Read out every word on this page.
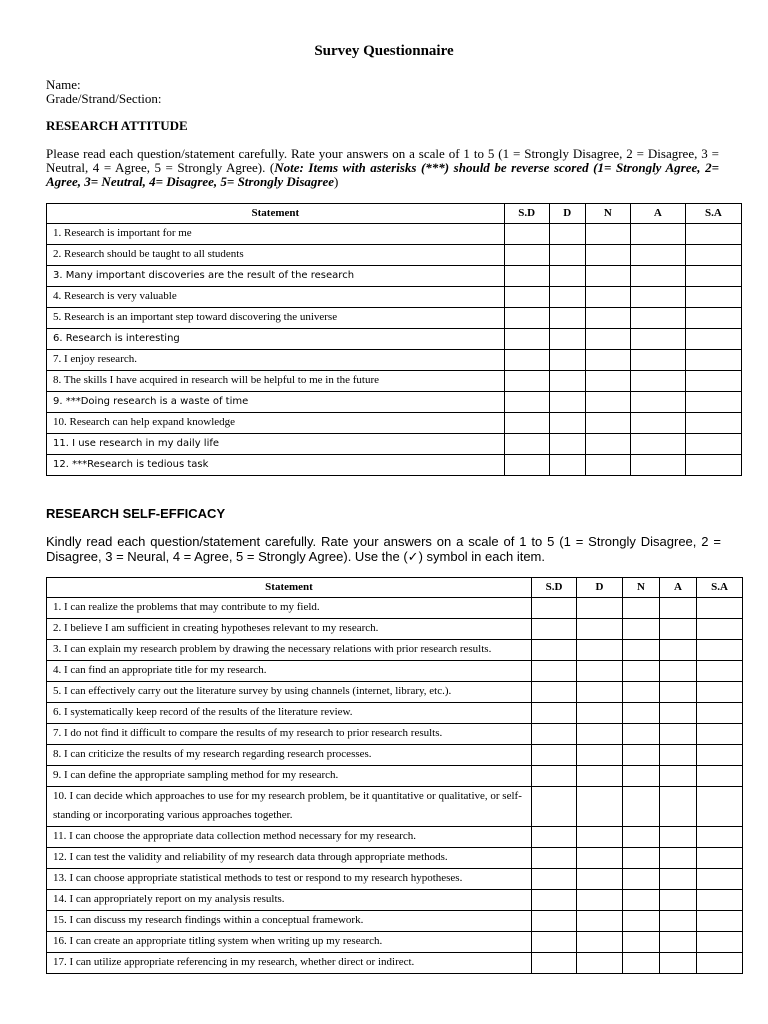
Survey Questionnaire
Name:
Grade/Strand/Section:
RESEARCH ATTITUDE
Please read each question/statement carefully. Rate your answers on a scale of 1 to 5 (1 = Strongly Disagree, 2 = Disagree, 3 = Neutral, 4 = Agree, 5 = Strongly Agree). (Note: Items with asterisks (***) should be reverse scored (1= Strongly Agree, 2= Agree, 3= Neutral, 4= Disagree, 5= Strongly Disagree)
Statement	S.D	D	N	A	S.A
1. Research is important for me					
2. Research should be taught to all students					
3. Many important discoveries are the result of the research					
4. Research is very valuable					
5. Research is an important step toward discovering the universe					
6. Research is interesting					
7. I enjoy research.					
8. The skills I have acquired in research will be helpful to me in the future					
9. ***Doing research is a waste of time					
10. Research can help expand knowledge					
11. I use research in my daily life					
12. ***Research is tedious task					
RESEARCH SELF-EFFICACY
Kindly read each question/statement carefully. Rate your answers on a scale of 1 to 5 (1 = Strongly Disagree, 2 = Disagree, 3 = Neural, 4 = Agree, 5 = Strongly Agree). Use the (✓) symbol in each item.
Statement	S.D	D	N	A	S.A
1. I can realize the problems that may contribute to my field.					
2. I believe I am sufficient in creating hypotheses relevant to my research.					
3. I can explain my research problem by drawing the necessary relations with prior research results.					
4. I can find an appropriate title for my research.					
5. I can effectively carry out the literature survey by using channels (internet, library, etc.).					
6. I systematically keep record of the results of the literature review.					
7. I do not find it difficult to compare the results of my research to prior research results.					
8. I can criticize the results of my research regarding research processes.					
9. I can define the appropriate sampling method for my research.					
10. I can decide which approaches to use for my research problem, be it quantitative or qualitative, or self-standing or incorporating various approaches together.					
11. I can choose the appropriate data collection method necessary for my research.					
12. I can test the validity and reliability of my research data through appropriate methods.					
13. I can choose appropriate statistical methods to test or respond to my research hypotheses.					
14. I can appropriately report on my analysis results.					
15. I can discuss my research findings within a conceptual framework.					
16. I can create an appropriate titling system when writing up my research.					
17. I can utilize appropriate referencing in my research, whether direct or indirect.					
